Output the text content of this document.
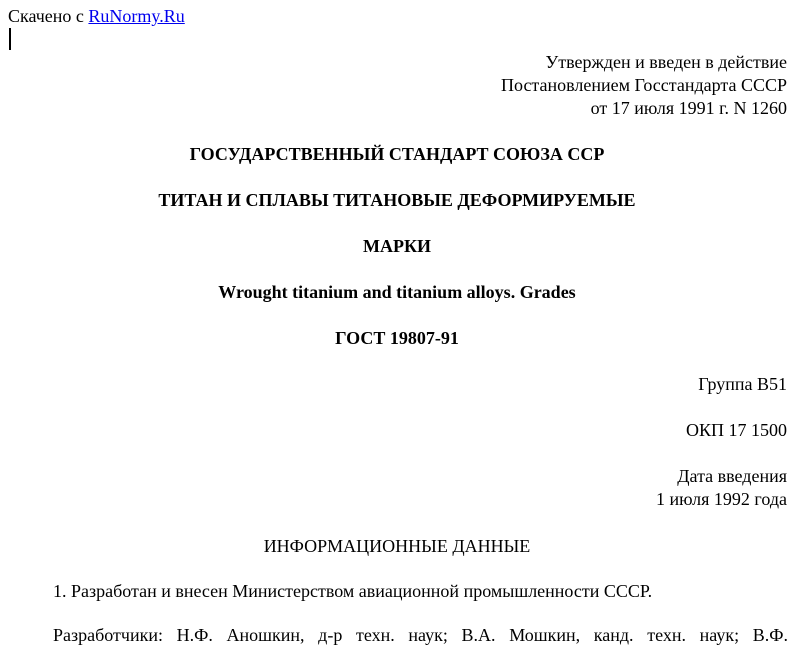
Скачено с RuNormy.Ru
Утвержден и введен в действие
Постановлением Госстандарта СССР
от 17 июля 1991 г. N 1260
ГОСУДАРСТВЕННЫЙ СТАНДАРТ СОЮЗА ССР
ТИТАН И СПЛАВЫ ТИТАНОВЫЕ ДЕФОРМИРУЕМЫЕ
МАРКИ
Wrought titanium and titanium alloys. Grades
ГОСТ 19807-91
Группа В51
ОКП 17 1500
Дата введения
1 июля 1992 года
ИНФОРМАЦИОННЫЕ ДАННЫЕ
1. Разработан и внесен Министерством авиационной промышленности СССР.
Разработчики: Н.Ф. Аношкин, д-р техн. наук; В.А. Мошкин, канд. техн. наук; В.Ф.
